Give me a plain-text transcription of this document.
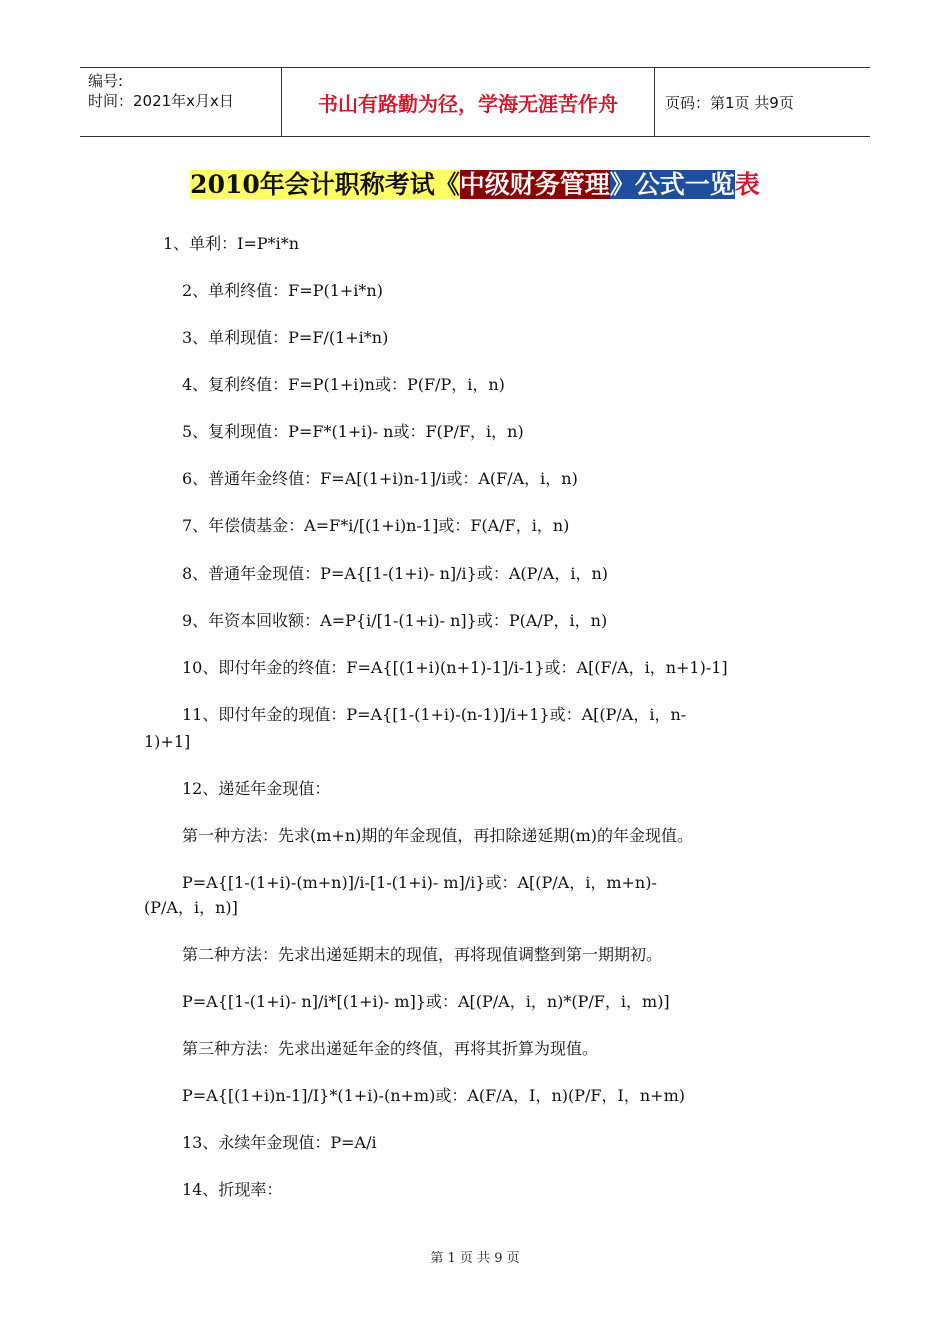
编号:
时间：2021年x月x日	书山有路勤为径，学海无涯苦作舟	页码：第1页 共9页
2010年会计职称考试《中级财务管理》公式一览表
1、单利：I=P*i*n
2、单利终值：F=P(1+i*n)
3、单利现值：P=F/(1+i*n)
4、复利终值：F=P(1+i)n或：P(F/P，i，n)
5、复利现值：P=F*(1+i)- n或：F(P/F，i，n)
6、普通年金终值：F=A[(1+i)n-1]/i或：A(F/A，i，n)
7、年偿债基金：A=F*i/[(1+i)n-1]或：F(A/F，i，n)
8、普通年金现值：P=A{[1-(1+i)- n]/i}或：A(P/A，i，n)
9、年资本回收额：A=P{i/[1-(1+i)- n]}或：P(A/P，i，n)
10、即付年金的终值：F=A{[(1+i)(n+1)-1]/i-1}或：A[(F/A，i，n+1)-1]
11、即付年金的现值：P=A{[1-(1+i)-(n-1)]/i+1}或：A[(P/A，i，n-
1)+1]
12、递延年金现值：
第一种方法：先求(m+n)期的年金现值，再扣除递延期(m)的年金现值。
P=A{[1-(1+i)-(m+n)]/i-[1-(1+i)- m]/i}或：A[(P/A，i，m+n)-
(P/A，i，n)]
第二种方法：先求出递延期末的现值，再将现值调整到第一期期初。
P=A{[1-(1+i)- n]/i*[(1+i)- m]}或：A[(P/A，i，n)*(P/F，i，m)]
第三种方法：先求出递延年金的终值，再将其折算为现值。
P=A{[(1+i)n-1]/I}*(1+i)-(n+m)或：A(F/A，I，n)(P/F，I，n+m)
13、永续年金现值：P=A/i
14、折现率：
第 1 页 共 9 页
